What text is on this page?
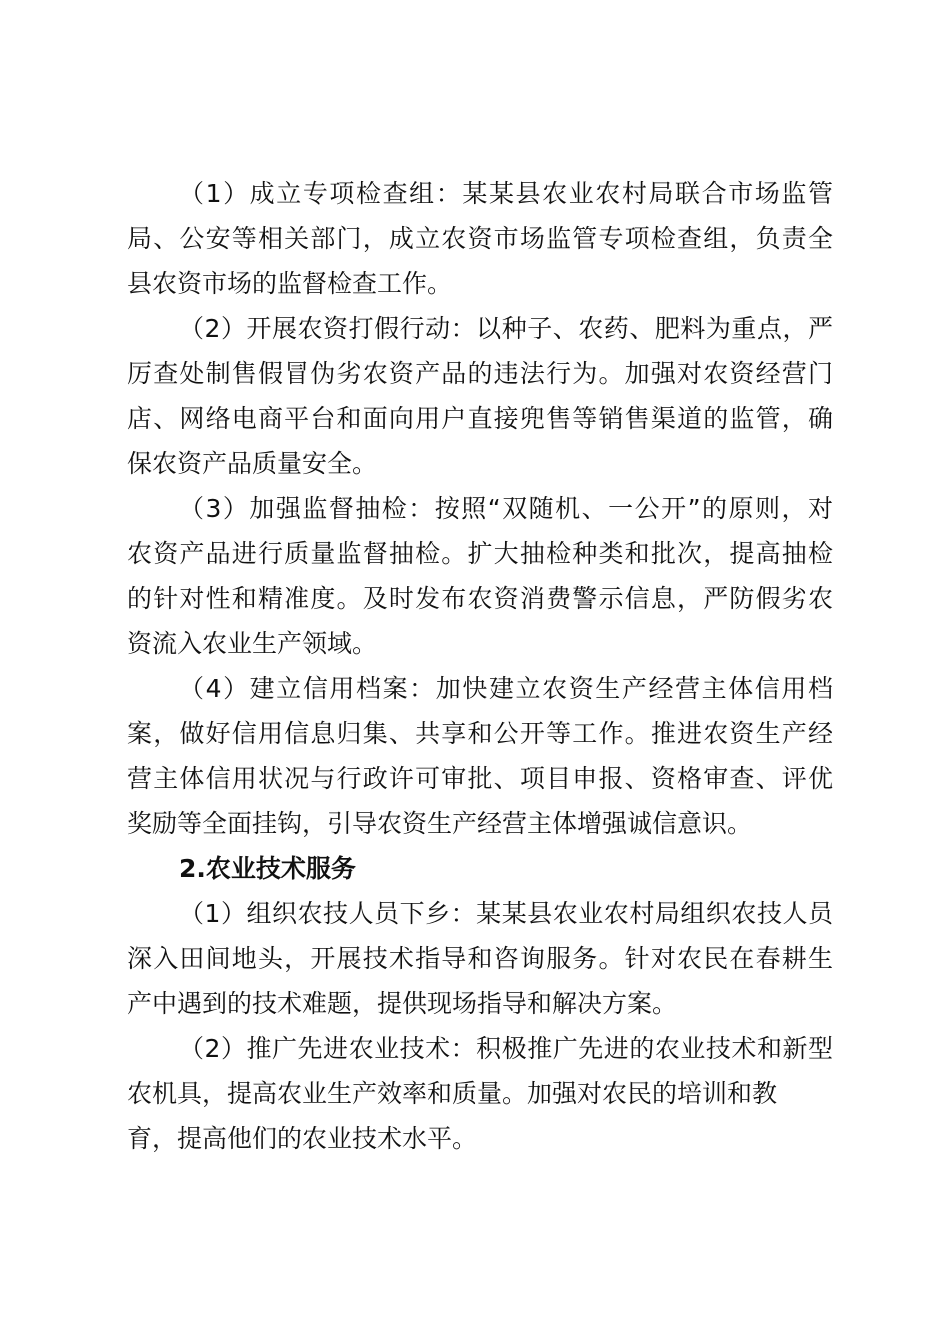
（1）成立专项检查组：某某县农业农村局联合市场监管
局、公安等相关部门，成立农资市场监管专项检查组，负责全
县农资市场的监督检查工作。
（2）开展农资打假行动：以种子、农药、肥料为重点，严
厉查处制售假冒伪劣农资产品的违法行为。加强对农资经营门
店、网络电商平台和面向用户直接兜售等销售渠道的监管，确
保农资产品质量安全。
（3）加强监督抽检：按照“双随机、一公开”的原则，对
农资产品进行质量监督抽检。扩大抽检种类和批次，提高抽检
的针对性和精准度。及时发布农资消费警示信息，严防假劣农
资流入农业生产领域。
（4）建立信用档案：加快建立农资生产经营主体信用档
案，做好信用信息归集、共享和公开等工作。推进农资生产经
营主体信用状况与行政许可审批、项目申报、资格审查、评优
奖励等全面挂钩，引导农资生产经营主体增强诚信意识。
2.农业技术服务
（1）组织农技人员下乡：某某县农业农村局组织农技人员
深入田间地头，开展技术指导和咨询服务。针对农民在春耕生
产中遇到的技术难题，提供现场指导和解决方案。
（2）推广先进农业技术：积极推广先进的农业技术和新型
农机具，提高农业生产效率和质量。加强对农民的培训和教
育，提高他们的农业技术水平。
